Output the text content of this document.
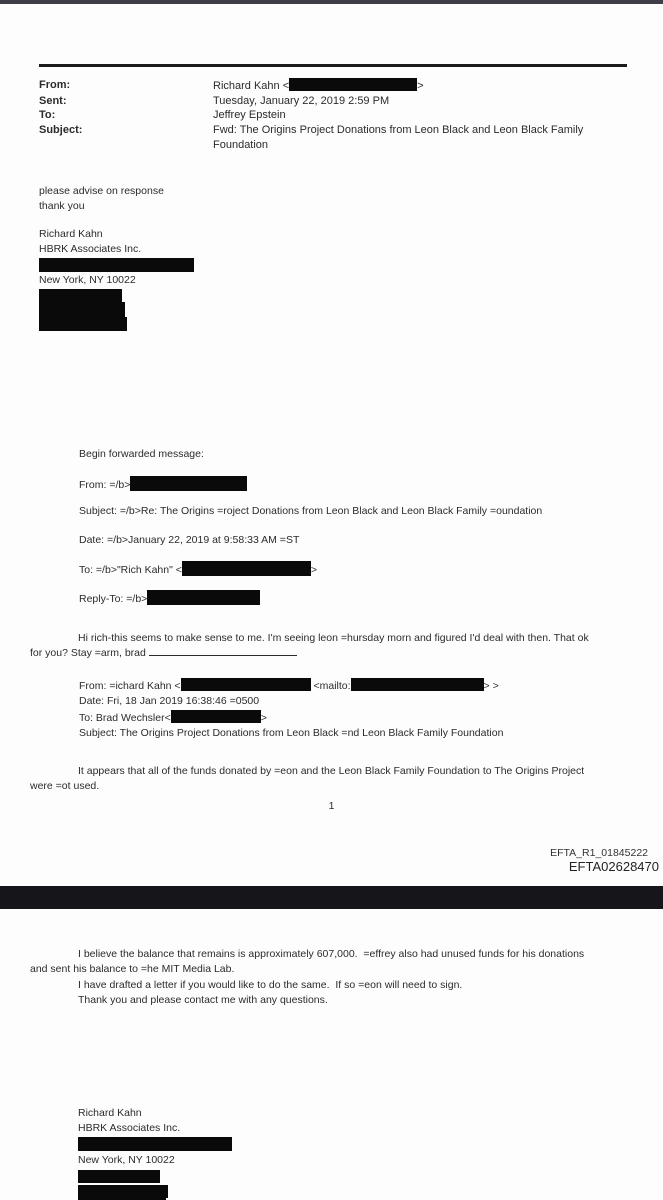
From:	Richard Kahn <	>
Sent:	Tuesday, January 22, 2019 2:59 PM
To:	Jeffrey Epstein
Subject:	Fwd: The Origins Project Donations from Leon Black and Leon Black Family
Foundation
please advise on response
thank you
Richard Kahn
HBRK Associates Inc.
New York, NY 10022
Begin forwarded message:
From: =/b>
Subject: =/b>Re: The Origins =roject Donations from Leon Black and Leon Black Family =oundation
Date: =/b>January 22, 2019 at 9:58:33 AM =ST
To: =/b>"Rich Kahn" <	>
Reply-To: =/b>
Hi rich-this seems to make sense to me. I'm seeing leon =hursday morn and figured I'd deal with then. That ok
for you? Stay =arm, brad
From: =ichard Kahn <	<mailto:	> >
Date: Fri, 18 Jan 2019 16:38:46 =0500
To: Brad Wechsler<	>
Subject: The Origins Project Donations from Leon Black =nd Leon Black Family Foundation
It appears that all of the funds donated by =eon and the Leon Black Family Foundation to The Origins Project
were =ot used.
1
EFTA_R1_01845222
EFTA02628470
I believe the balance that remains is approximately 607,000.  =effrey also had unused funds for his donations
and sent his balance to =he MIT Media Lab.
I have drafted a letter if you would like to do the same.  If so =eon will need to sign.
Thank you and please contact me with any questions.
Richard Kahn
HBRK Associates Inc.
New York, NY 10022
